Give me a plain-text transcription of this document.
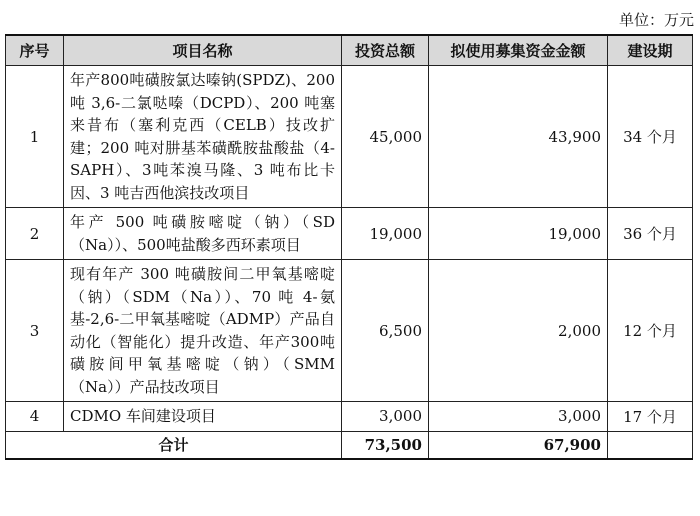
单位：万元
序号	项目名称	投资总额	拟使用募集资金金额	建设期
1	年产800吨磺胺氯达嗪钠(SPDZ)、200 吨 3,6-二氯哒嗪（DCPD）、200 吨塞来昔布（塞利克西（CELB）技改扩建；200 吨对肼基苯磺酰胺盐酸盐（4-SAPH）、3吨苯溴马隆、3 吨布比卡因、3 吨吉西他滨技改项目	45,000	43,900	34 个月
2	年产 500 吨磺胺嘧啶（钠）（SD（Na））、500吨盐酸多西环素项目	19,000	19,000	36 个月
3	现有年产 300 吨磺胺间二甲氧基嘧啶（钠）（SDM（Na））、70 吨 4-氨基-2,6-二甲氧基嘧啶（ADMP）产品自动化（智能化）提升改造、年产300吨磺胺间甲氧基嘧啶（钠）（SMM（Na））产品技改项目	6,500	2,000	12 个月
4	CDMO 车间建设项目	3,000	3,000	17 个月
合计		73,500	67,900	
